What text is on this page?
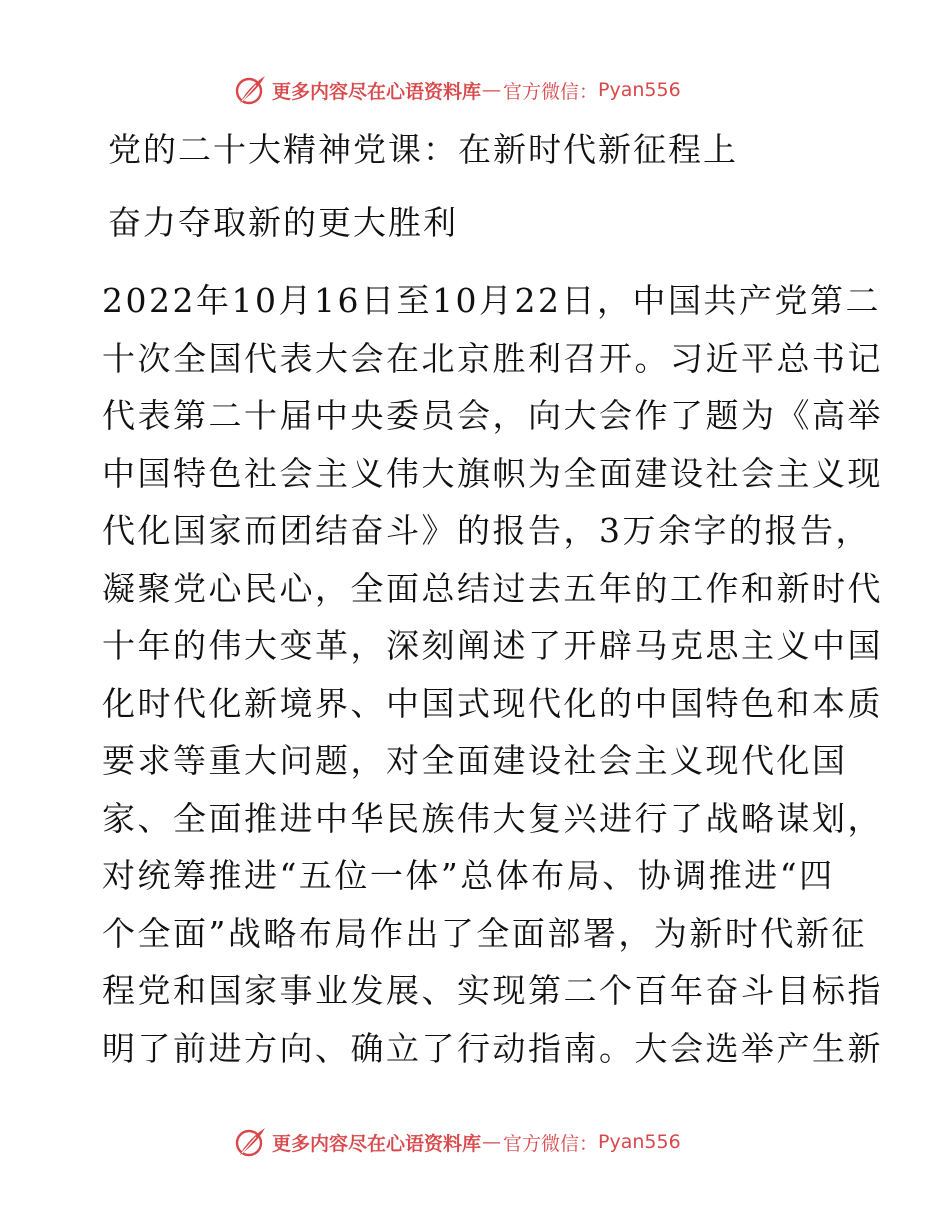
更多内容尽在心语资料库 — 官方微信： Pyan556
党的二十大精神党课：在新时代新征程上
奋力夺取新的更大胜利
2022年10月16日至10月22日，中国共产党第二
十次全国代表大会在北京胜利召开。习近平总书记
代表第二十届中央委员会，向大会作了题为《高举
中国特色社会主义伟大旗帜为全面建设社会主义现
代化国家而团结奋斗》的报告，3万余字的报告，
凝聚党心民心，全面总结过去五年的工作和新时代
十年的伟大变革，深刻阐述了开辟马克思主义中国
化时代化新境界、中国式现代化的中国特色和本质
要求等重大问题，对全面建设社会主义现代化国
家、全面推进中华民族伟大复兴进行了战略谋划，
对统筹推进“五位一体”总体布局、协调推进“四
个全面”战略布局作出了全面部署，为新时代新征
程党和国家事业发展、实现第二个百年奋斗目标指
明了前进方向、确立了行动指南。大会选举产生新
更多内容尽在心语资料库 — 官方微信： Pyan556
